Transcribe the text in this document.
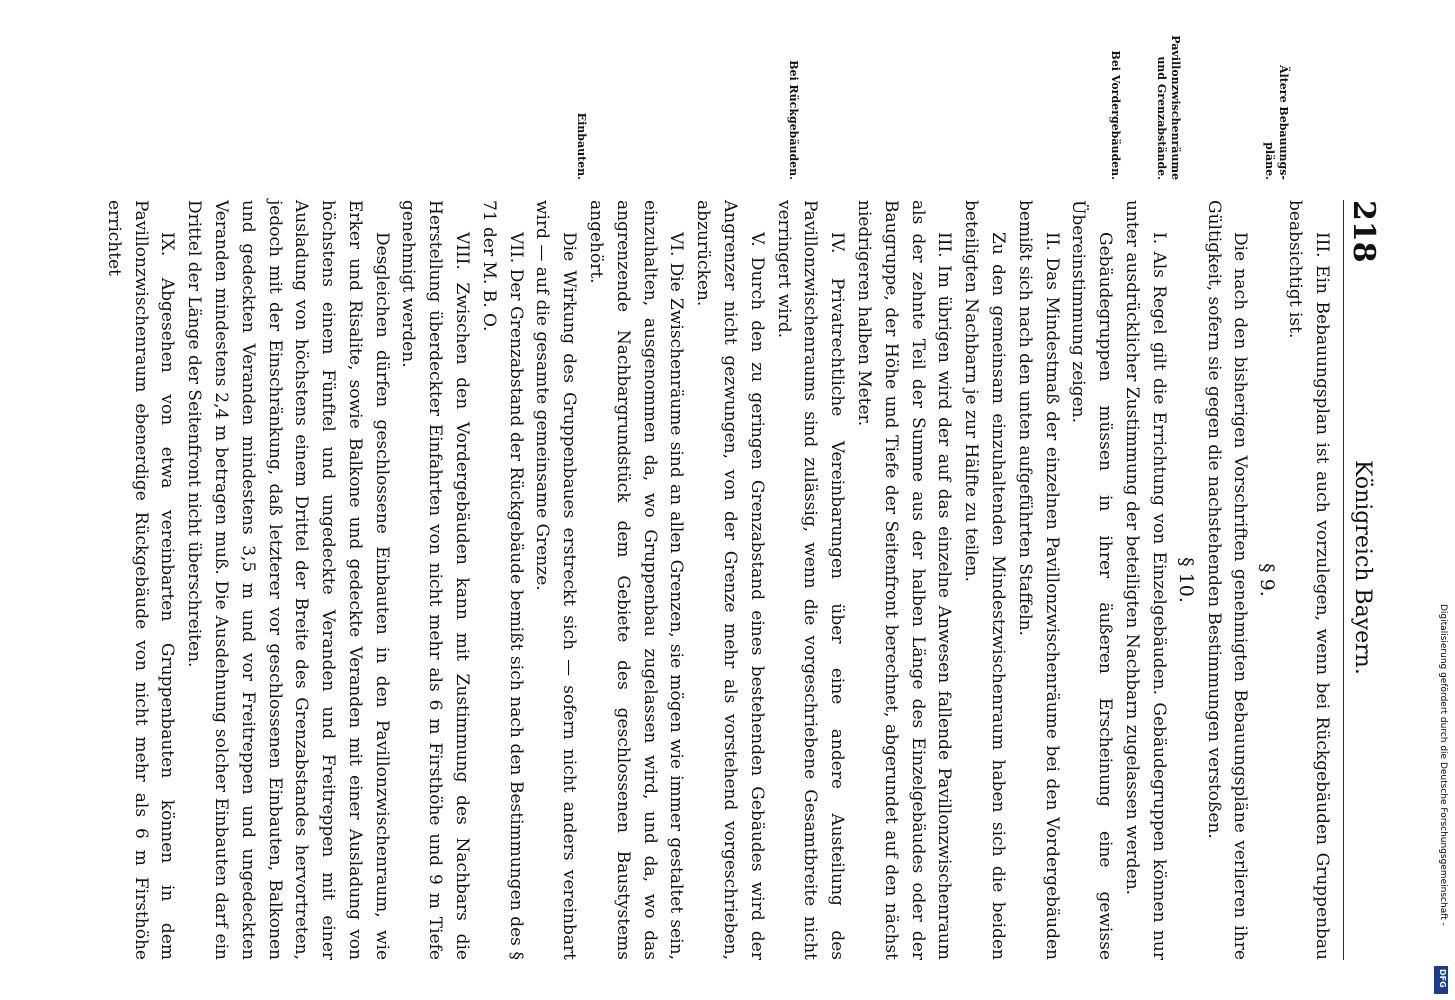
218
Königreich Bayern.
Ältere Bebauungs-
pläne.
Pavillonzwischenräume
und Grenzabstände.
Bei Vordergebäuden.
Bei Rückgebäuden.
Einbauten.

III. Ein Bebauungsplan ist auch vorzulegen, wenn bei Rückgebäuden Gruppenbau beabsichtigt ist.

§ 9.

Die nach den bisherigen Vorschriften genehmigten Bebauungspläne verlieren ihre Gültigkeit, sofern sie gegen die nachstehenden Bestimmungen verstoßen.

§ 10.

I. Als Regel gilt die Errichtung von Einzelgebäuden. Gebäudegruppen können nur unter ausdrücklicher Zustimmung der beteiligten Nachbarn zugelassen werden.

Gebäudegruppen müssen in ihrer äußeren Erscheinung eine gewisse Übereinstimmung zeigen.

II. Das Mindestmaß der einzelnen Pavillonzwischenräume bei den Vordergebäuden bemißt sich nach den unten aufgeführten Staffeln.

Zu den gemeinsam einzuhaltenden Mindestzwischenraum haben sich die beiden beteiligten Nachbarn je zur Hälfte zu teilen.

III. Im übrigen wird der auf das einzelne Anwesen fallende Pavillonzwischenraum als der zehnte Teil der Summe aus der halben Länge des Einzelgebäudes oder der Baugruppe, der Höhe und Tiefe der Seitenfront berechnet, abgerundet auf den nächst niedrigeren halben Meter.

IV. Privatrechtliche Vereinbarungen über eine andere Austeilung des Pavillonzwischenraums sind zulässig, wenn die vorgeschriebene Gesamtbreite nicht verringert wird.

V. Durch den zu geringen Grenzabstand eines bestehenden Gebäudes wird der Angrenzer nicht gezwungen, von der Grenze mehr als vorstehend vorgeschrieben, abzurücken.

VI. Die Zwischenräume sind an allen Grenzen, sie mögen wie immer gestaltet sein, einzuhalten, ausgenommen da, wo Gruppenbau zugelassen wird, und da, wo das angrenzende Nachbargrundstück dem Gebiete des geschlossenen Baustystems angehört.

Die Wirkung des Gruppenbaues erstreckt sich — sofern nicht anders vereinbart wird — auf die gesamte gemeinsame Grenze.

VII. Der Grenzabstand der Rückgebäude bemißt sich nach den Bestimmungen des § 71 der M. B. O.

VIII. Zwischen den Vordergebäuden kann mit Zustimmung des Nachbars die Herstellung überdeckter Einfahrten von nicht mehr als 6 m Firsthöhe und 9 m Tiefe genehmigt werden.

Desgleichen dürfen geschlossene Einbauten in den Pavillonzwischenraum, wie Erker und Risalite, sowie Balkone und gedeckte Veranden mit einer Ausladung von höchstens einem Fünftel und ungedeckte Veranden und Freitreppen mit einer Ausladung von höchstens einem Drittel der Breite des Grenzabstandes hervortreten, jedoch mit der Einschränkung, daß letzterer vor geschlossenen Einbauten, Balkonen und gedeckten Veranden mindestens 3,5 m und vor Freitreppen und ungedeckten Veranden mindestens 2,4 m betragen muß. Die Ausdehnung solcher Einbauten darf ein Drittel der Länge der Seitenfront nicht überschreiten.

IX. Abgesehen von etwa vereinbarten Gruppenbauten können in dem Pavillonzwischenraum ebenerdige Rückgebäude von nicht mehr als 6 m Firsthöhe errichtet

Digitalisierung gefördert durch die Deutsche Forschungsgemeinschaft -
DFG
